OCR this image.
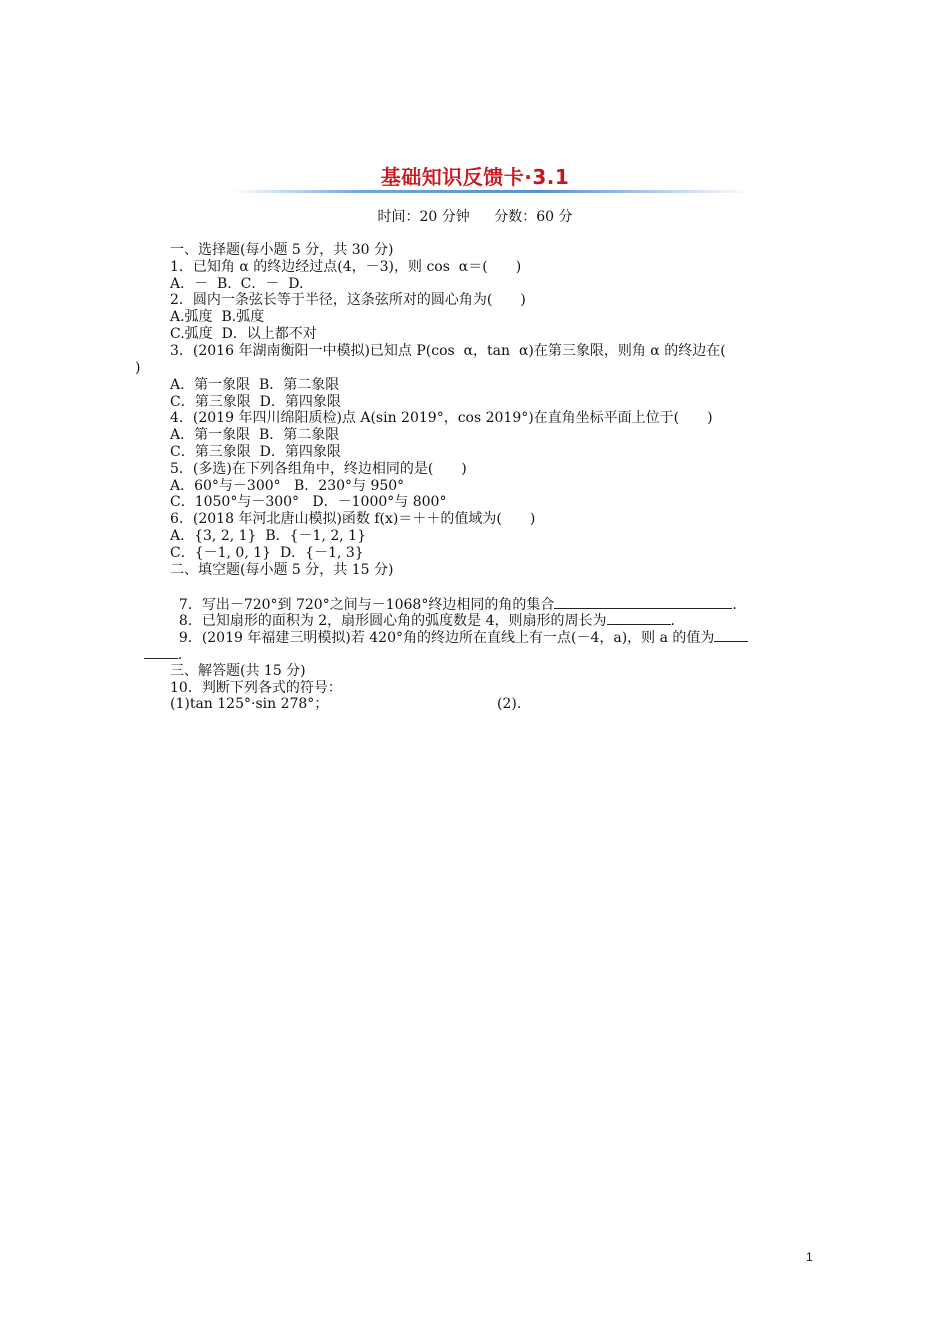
基础知识反馈卡·3.1
时间：20 分钟 分数：60 分
一、选择题(每小题 5 分，共 30 分)
1．已知角 α 的终边经过点(4，－3)，则 cos  α＝(　　)
A．－  B.  C．－  D.
2．圆内一条弦长等于半径，这条弦所对的圆心角为(　　)
A.弧度  B.弧度
C.弧度  D．以上都不对
3．(2016 年湖南衡阳一中模拟)已知点 P(cos  α，tan  α)在第三象限，则角 α 的终边在(
)
A．第一象限  B．第二象限
C．第三象限  D．第四象限
4．(2019 年四川绵阳质检)点 A(sin 2019°，cos 2019°)在直角坐标平面上位于(　　)
A．第一象限  B．第二象限
C．第三象限  D．第四象限
5．(多选)在下列各组角中，终边相同的是(　　)
A．60°与－300°   B．230°与 950°
C．1050°与－300°   D．－1000°与 800°
6．(2018 年河北唐山模拟)函数 f(x)＝＋＋的值域为(　　)
A．{3, 2, 1}  B．{－1, 2, 1}
C．{－1, 0, 1}  D．{－1, 3}
二、填空题(每小题 5 分，共 15 分)

7．写出－720°到 720°之间与－1068°终边相同的角的集合	.

8．已知扇形的面积为 2，扇形圆心角的弧度数是 4，则扇形的周长为	.

9．(2019 年福建三明模拟)若 420°角的终边所在直线上有一点(－4，a)，则 a 的值为

．

三、解答题(共 15 分)
10．判断下列各式的符号：
(1)tan 125°·sin 278°；	(2).
1
